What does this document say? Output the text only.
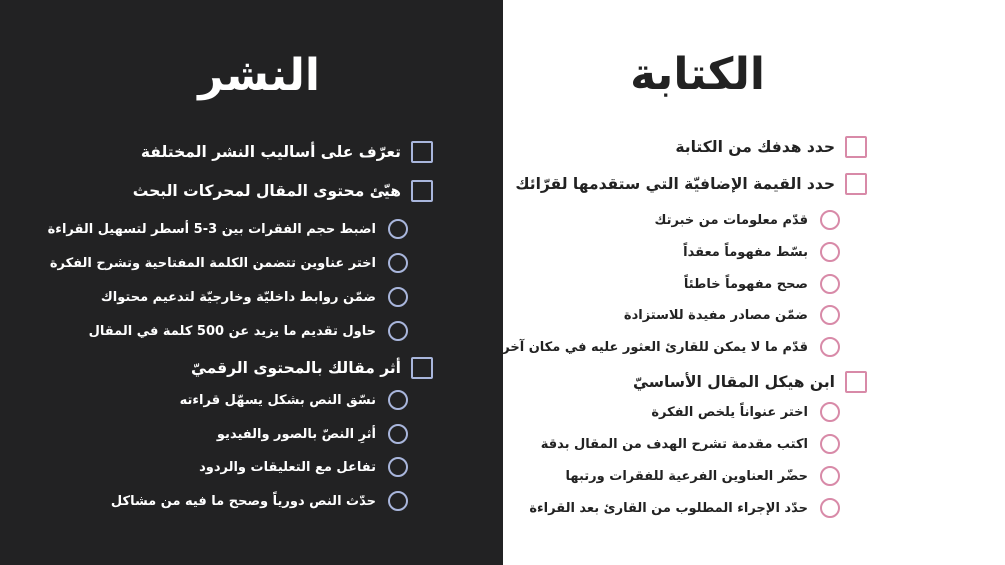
النشر
تعرّف على أساليب النشر المختلفة
هيّئ محتوى المقال لمحركات البحث
اضبط حجم الفقرات بين 3-5 أسطر لتسهيل القراءة
اختر عناوين تتضمن الكلمة المفتاحية وتشرح الفكرة
ضمّن روابط داخليّة وخارجيّة لتدعيم محتواك
حاول تقديم ما يزيد عن 500 كلمة في المقال
أثر مقالك بالمحتوى الرقميّ
نسّق النص بشكل يسهّل قراءته
أثرِ النصّ بالصور والفيديو
تفاعل مع التعليقات والردود
حدّث النص دورياً وصحح ما فيه من مشاكل
الكتابة
حدد هدفك من الكتابة
حدد القيمة الإضافيّة التي ستقدمها لقرّائك
قدّم معلومات من خبرتك
بسّط مفهوماً معقداً
صحح مفهوماً خاطئاً
ضمّن مصادر مفيدة للاستزادة
قدّم ما لا يمكن للقارئ العثور عليه في مكان آخر
ابن هيكل المقال الأساسيّ
اختر عنواناً يلخص الفكرة
اكتب مقدمة تشرح الهدف من المقال بدقة
حضّر العناوين الفرعية للفقرات ورتبها
حدّد الإجراء المطلوب من القارئ بعد القراءة
